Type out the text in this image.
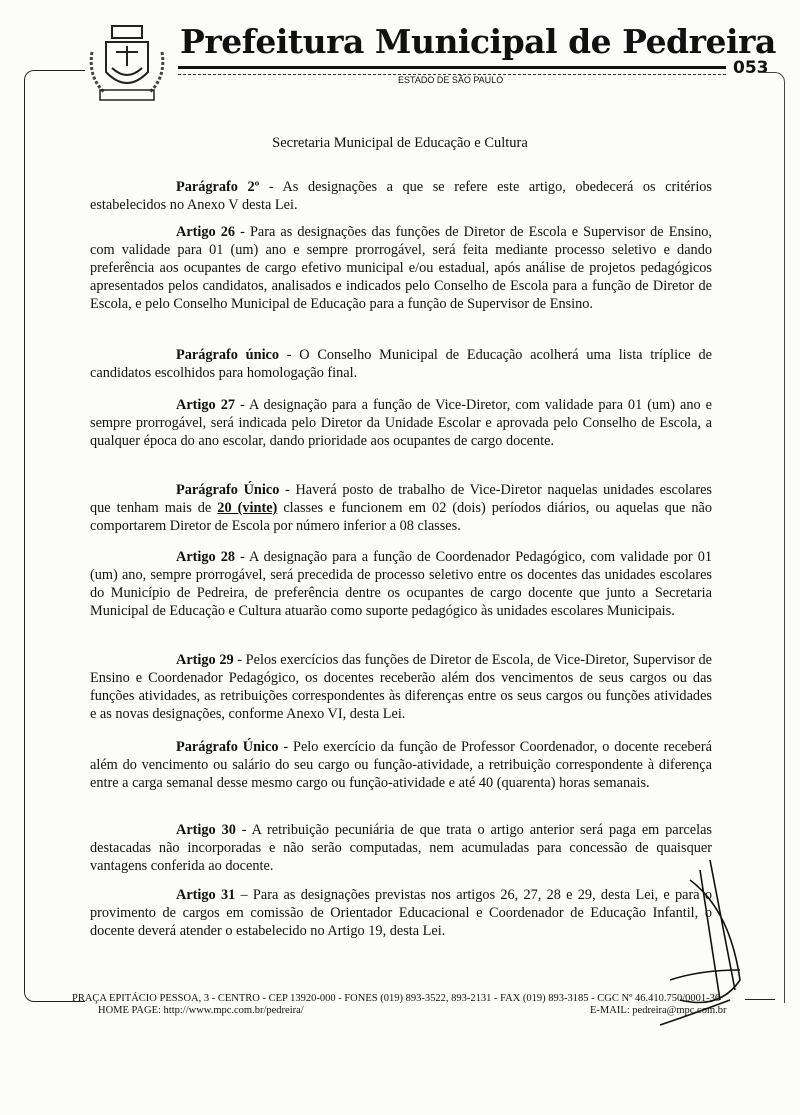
Prefeitura Municipal de Pedreira
053
ESTADO DE SÃO PAULO
Secretaria Municipal de Educação e Cultura

Parágrafo 2º - As designações a que se refere este artigo, obedecerá os critérios estabelecidos no Anexo V desta Lei.

Artigo 26 - Para as designações das funções de Diretor de Escola e Supervisor de Ensino, com validade para 01 (um) ano e sempre prorrogável, será feita mediante processo seletivo e dando preferência aos ocupantes de cargo efetivo municipal e/ou estadual, após análise de projetos pedagógicos apresentados pelos candidatos, analisados e indicados pelo Conselho de Escola para a função de Diretor de Escola, e pelo Conselho Municipal de Educação para a função de Supervisor de Ensino.

Parágrafo único - O Conselho Municipal de Educação acolherá uma lista tríplice de candidatos escolhidos para homologação final.

Artigo 27 - A designação para a função de Vice-Diretor, com validade para 01 (um) ano e sempre prorrogável, será indicada pelo Diretor da Unidade Escolar e aprovada pelo Conselho de Escola, a qualquer época do ano escolar, dando prioridade aos ocupantes de cargo docente.

Parágrafo Único - Haverá posto de trabalho de Vice-Diretor naquelas unidades escolares que tenham mais de 20 (vinte) classes e funcionem em 02 (dois) períodos diários, ou aquelas que não comportarem Diretor de Escola por número inferior a 08 classes.

Artigo 28 - A designação para a função de Coordenador Pedagógico, com validade por 01 (um) ano, sempre prorrogável, será precedida de processo seletivo entre os docentes das unidades escolares do Município de Pedreira, de preferência dentre os ocupantes de cargo docente que junto a Secretaria Municipal de Educação e Cultura atuarão como suporte pedagógico às unidades escolares Municipais.

Artigo 29 - Pelos exercícios das funções de Diretor de Escola, de Vice-Diretor, Supervisor de Ensino e Coordenador Pedagógico, os docentes receberão além dos vencimentos de seus cargos ou das funções atividades, as retribuições correspondentes às diferenças entre os seus cargos ou funções atividades e as novas designações, conforme Anexo VI, desta Lei.

Parágrafo Único - Pelo exercício da função de Professor Coordenador, o docente receberá além do vencimento ou salário do seu cargo ou função-atividade, a retribuição correspondente à diferença entre a carga semanal desse mesmo cargo ou função-atividade e até 40 (quarenta) horas semanais.

Artigo 30 - A retribuição pecuniária de que trata o artigo anterior será paga em parcelas destacadas não incorporadas e não serão computadas, nem acumuladas para concessão de quaisquer vantagens conferida ao docente.

Artigo 31 – Para as designações previstas nos artigos 26, 27, 28 e 29, desta Lei, e para o provimento de cargos em comissão de Orientador Educacional e Coordenador de Educação Infantil, o docente deverá atender o estabelecido no Artigo 19, desta Lei.

PRAÇA EPITÁCIO PESSOA, 3 - CENTRO - CEP 13920-000 - FONES (019) 893-3522, 893-2131 - FAX (019) 893-3185 - CGC Nº 46.410.750/0001-36
HOME PAGE: http://www.mpc.com.br/pedreira/	E-MAIL: pedreira@mpc.com.br
